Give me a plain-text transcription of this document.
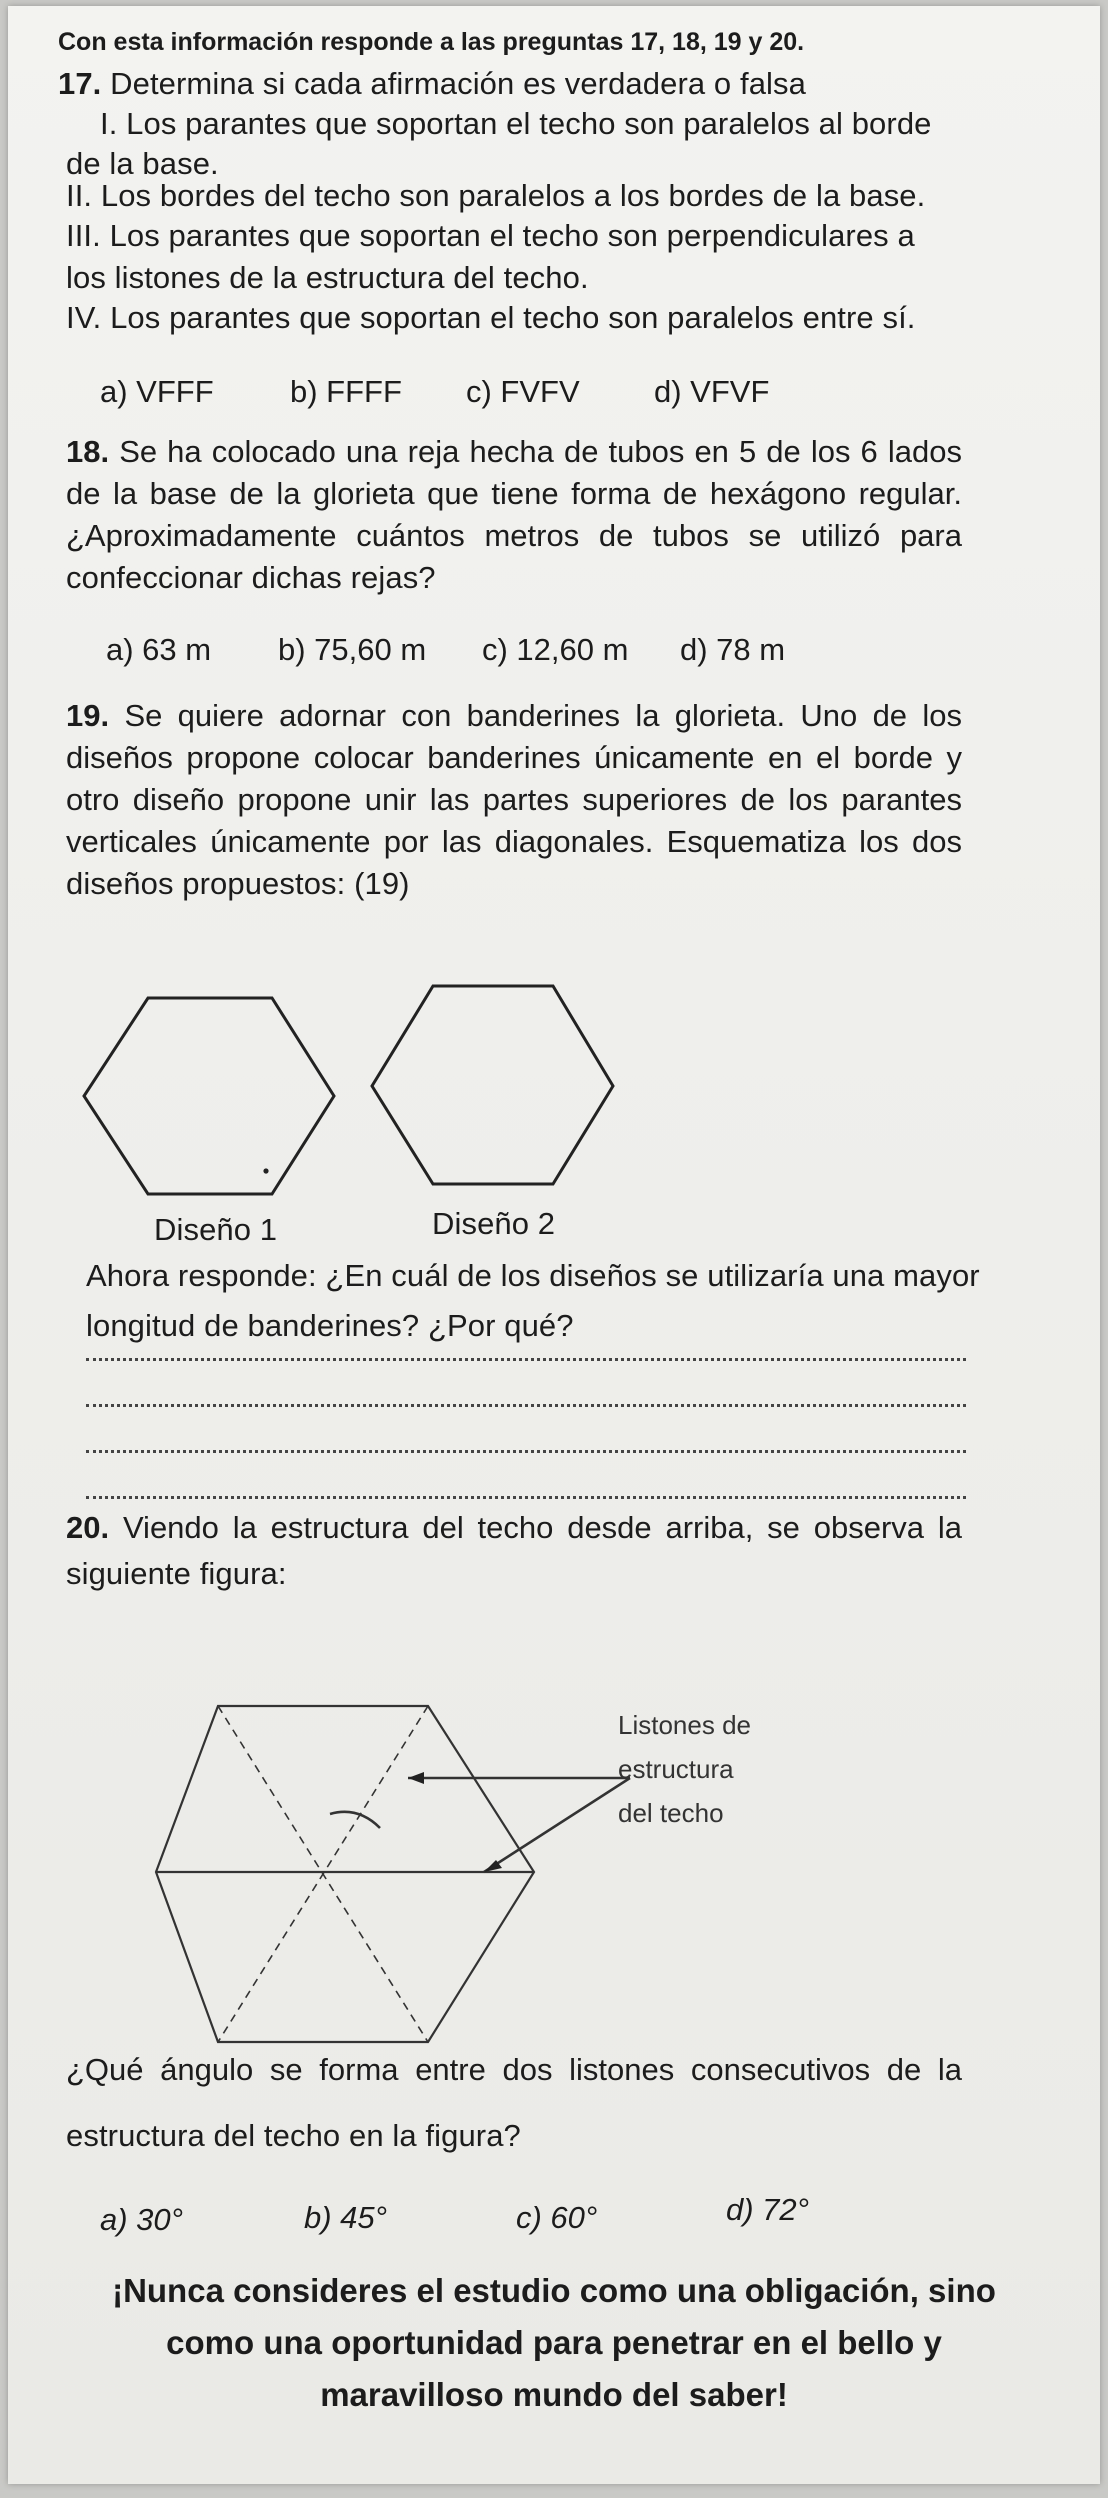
Con esta información responde a las preguntas 17, 18, 19 y 20.
17. Determina si cada afirmación es verdadera o falsa
I. Los parantes que soportan el techo son paralelos al borde
de la base.
II. Los bordes del techo son paralelos a los bordes de la base.
III. Los parantes que soportan el techo son perpendiculares a
los listones de la estructura del techo.
IV. Los parantes que soportan el techo son paralelos entre sí.
a) VFFF b) FFFF c) FVFV d) VFVF
18. Se ha colocado una reja hecha de tubos en 5 de los 6 lados
de la base de la glorieta que tiene forma de hexágono regular.
¿Aproximadamente cuántos metros de tubos se utilizó para
confeccionar dichas rejas?
a) 63 m b) 75,60 m c) 12,60 m d) 78 m
19. Se quiere adornar con banderines la glorieta. Uno de los
diseños propone colocar banderines únicamente en el borde y
otro diseño propone unir las partes superiores de los parantes
verticales únicamente por las diagonales. Esquematiza los dos
diseños propuestos: (19)
Diseño 1	Diseño 2
Ahora responde: ¿En cuál de los diseños se utilizaría una mayor
longitud de banderines? ¿Por qué?
20. Viendo la estructura del techo desde arriba, se observa la
siguiente figura:
Listones de
estructura
del techo
¿Qué ángulo se forma entre dos listones consecutivos de la
estructura del techo en la figura?
a) 30°	b) 45°	c) 60°	d) 72°
¡Nunca consideres el estudio como una obligación, sino
como una oportunidad para penetrar en el bello y
maravilloso mundo del saber!
